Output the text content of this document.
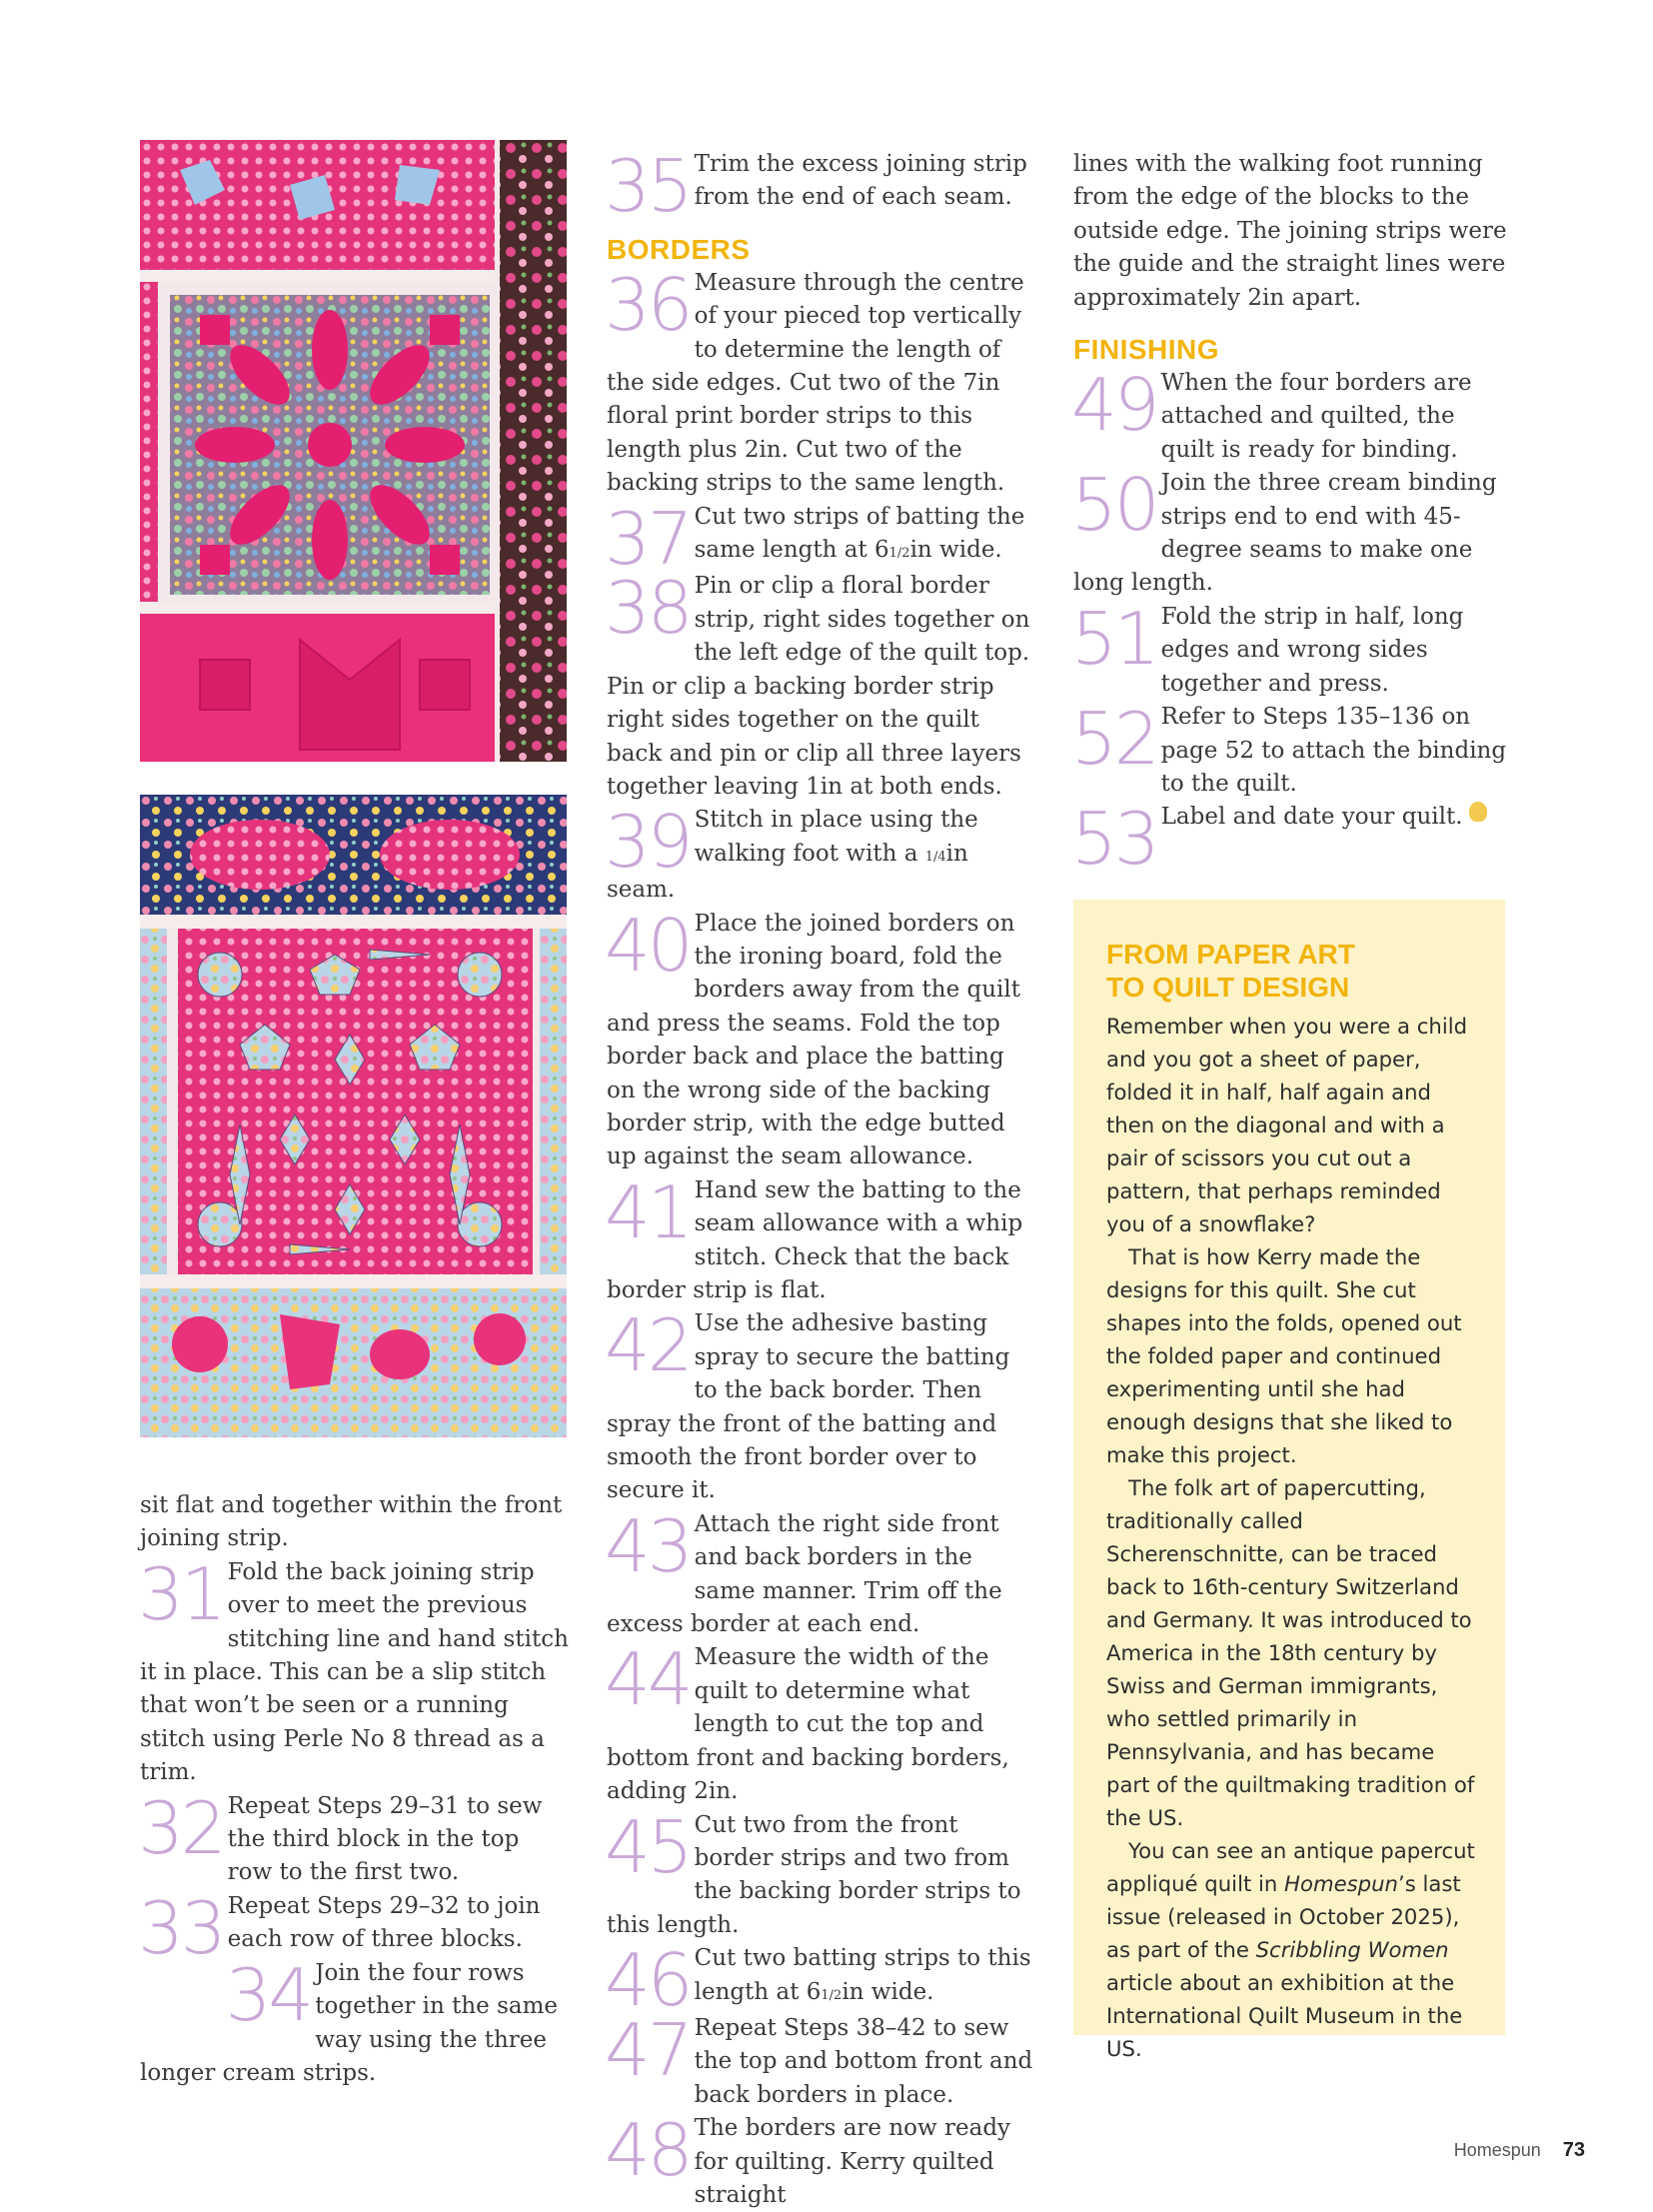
sit flat and together within the front joining strip.

31 Fold the back joining strip over to meet the previous stitching line and hand stitch it in place. This can be a slip stitch that won’t be seen or a running stitch using Perle No 8 thread as a trim.

32 Repeat Steps 29–31 to sew the third block in the top row to the first two.

33 Repeat Steps 29–32 to join each row of three blocks.

34 Join the four rows together in the same way using the three longer cream strips.

35 Trim the excess joining strip from the end of each seam.

BORDERS

36 Measure through the centre of your pieced top vertically to determine the length of the side edges. Cut two of the 7in floral print border strips to this length plus 2in. Cut two of the backing strips to the same length.

37 Cut two strips of batting the same length at 61/2in wide.

38 Pin or clip a floral border strip, right sides together on the left edge of the quilt top. Pin or clip a backing border strip right sides together on the quilt back and pin or clip all three layers together leaving 1in at both ends.

39 Stitch in place using the walking foot with a 1/4in seam.

40 Place the joined borders on the ironing board, fold the borders away from the quilt and press the seams. Fold the top border back and place the batting on the wrong side of the backing border strip, with the edge butted up against the seam allowance.

41 Hand sew the batting to the seam allowance with a whip stitch. Check that the back border strip is flat.

42 Use the adhesive basting spray to secure the batting to the back border. Then spray the front of the batting and smooth the front border over to secure it.

43 Attach the right side front and back borders in the same manner. Trim off the excess border at each end.

44 Measure the width of the quilt to determine what length to cut the top and bottom front and backing borders, adding 2in.

45 Cut two from the front border strips and two from the backing border strips to this length.

46 Cut two batting strips to this length at 61/2in wide.

47 Repeat Steps 38–42 to sew the top and bottom front and back borders in place.

48 The borders are now ready for quilting. Kerry quilted straight

lines with the walking foot running from the edge of the blocks to the outside edge. The joining strips were the guide and the straight lines were approximately 2in apart.

FINISHING

49 When the four borders are attached and quilted, the quilt is ready for binding.

50 Join the three cream binding strips end to end with 45-degree seams to make one long length.

51 Fold the strip in half, long edges and wrong sides together and press.

52 Refer to Steps 135–136 on page 52 to attach the binding to the quilt.

53 Label and date your quilt.

FROM PAPER ART
TO QUILT DESIGN

Remember when you were a child and you got a sheet of paper, folded it in half, half again and then on the diagonal and with a pair of scissors you cut out a pattern, that perhaps reminded you of a snowflake?

That is how Kerry made the designs for this quilt. She cut shapes into the folds, opened out the folded paper and continued experimenting until she had enough designs that she liked to make this project.

The folk art of papercutting, traditionally called Scherenschnitte, can be traced back to 16th-century Switzerland and Germany. It was introduced to America in the 18th century by Swiss and German immigrants, who settled primarily in Pennsylvania, and has became part of the quiltmaking tradition of the US.

You can see an antique papercut appliqué quilt in Homespun’s last issue (released in October 2025), as part of the Scribbling Women article about an exhibition at the International Quilt Museum in the US.

Homespun 73
